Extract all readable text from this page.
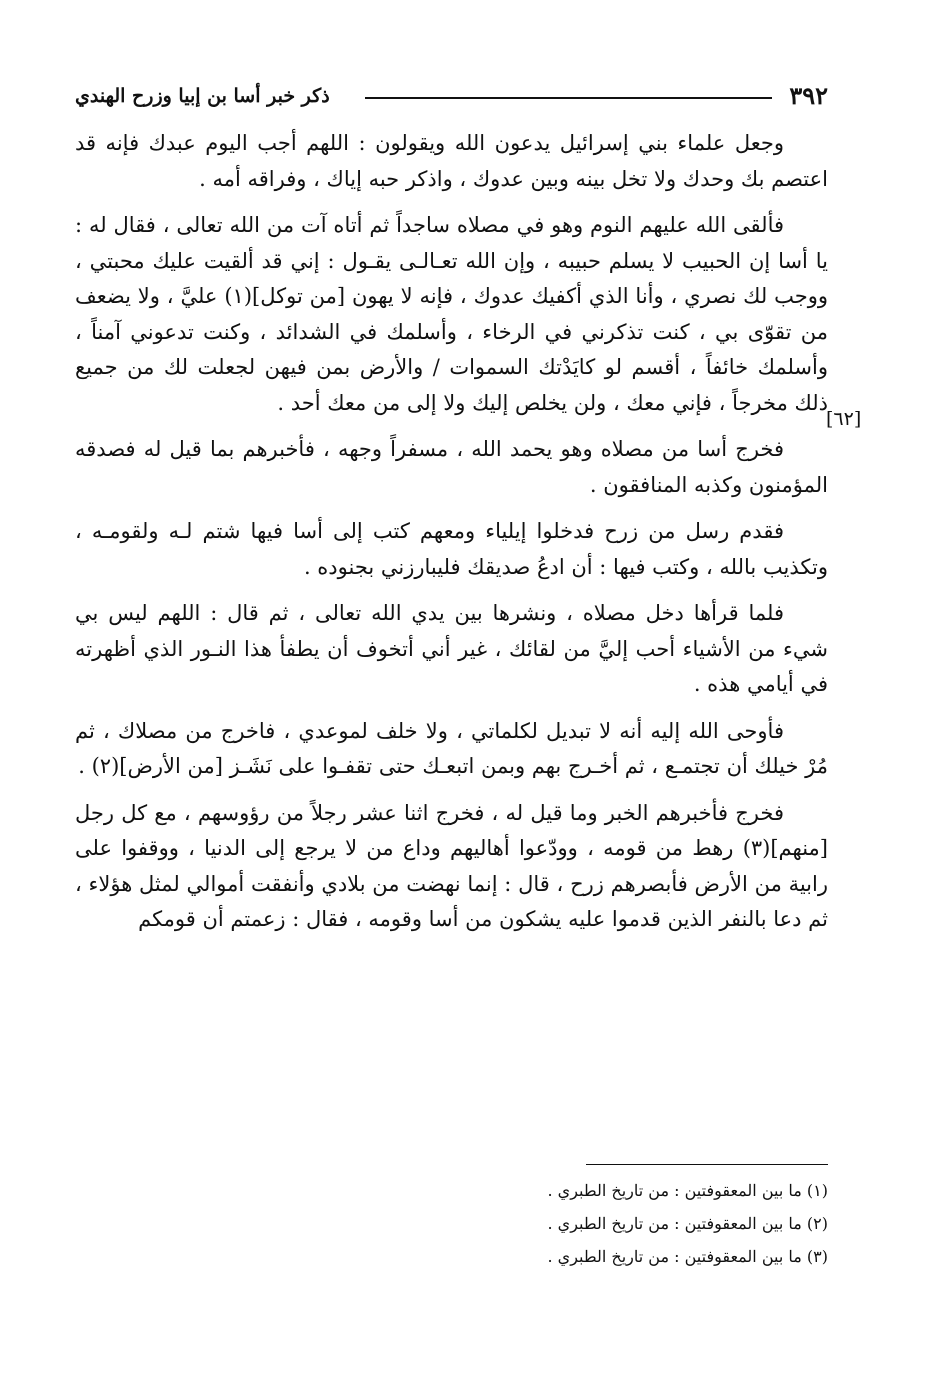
٣٩٢
ذكر خبر أسا بن إبيا وزرح الهندي

وجعل علماء بني إسرائيل يدعون الله ويقولون : اللهم أجب اليوم عبدك فإنه قد اعتصم بك وحدك ولا تخل بينه وبين عدوك ، واذكر حبه إياك ، وفراقه أمه .

فألقى الله عليهم النوم وهو في مصلاه ساجداً ثم أتاه آت من الله تعالى ، فقال له : يا أسا إن الحبيب لا يسلم حبيبه ، وإن الله تعـالـى يقـول : إني قد ألقيت عليك محبتي ، ووجب لك نصري ، وأنا الذي أكفيك عدوك ، فإنه لا يهون [من توكل](١) عليَّ ، ولا يضعف من تقوّى بي ، كنت تذكرني في الرخاء ، وأسلمك في الشدائد ، وكنت تدعوني آمناً ، وأسلمك خائفاً ، أقسم لو كايَدْتك السموات / والأرض بمن فيهن لجعلت لك من جميع ذلك مخرجاً ، فإني معك ، ولن يخلص إليك ولا إلى من معك أحد .

فخرج أسا من مصلاه وهو يحمد الله ، مسفراً وجهه ، فأخبرهم بما قيل له فصدقه المؤمنون وكذبه المنافقون .

فقدم رسل من زرح فدخلوا إيلياء ومعهم كتب إلى أسا فيها شتم لـه ولقومـه ، وتكذيب بالله ، وكتب فيها : أن ادعُ صديقك فليبارزني بجنوده .

فلما قرأها دخل مصلاه ، ونشرها بين يدي الله تعالى ، ثم قال : اللهم ليس بي شيء من الأشياء أحب إليَّ من لقائك ، غير أني أتخوف أن يطفأ هذا النـور الذي أظهرته في أيامي هذه .

فأوحى الله إليه أنه لا تبديل لكلماتي ، ولا خلف لموعدي ، فاخرج من مصلاك ، ثم مُرْ خيلك أن تجتمـع ، ثم أخـرج بهم وبمن اتبعـك حتى تقفـوا على نَشَـز [من الأرض](٢) .

فخرج فأخبرهم الخبر وما قيل له ، فخرج اثنا عشر رجلاً من رؤوسهم ، مع كل رجل [منهم](٣) رهط من قومه ، وودّعوا أهاليهم وداع من لا يرجع إلى الدنيا ، ووقفوا على رابية من الأرض فأبصرهم زرح ، قال : إنما نهضت من بلادي وأنفقت أموالي لمثل هؤلاء ، ثم دعا بالنفر الذين قدموا عليه يشكون من أسا وقومه ، فقال : زعمتم أن قومكم

[٦٢]
(١) ما بين المعقوفتين : من تاريخ الطبري .
(٢) ما بين المعقوفتين : من تاريخ الطبري .
(٣) ما بين المعقوفتين : من تاريخ الطبري .
